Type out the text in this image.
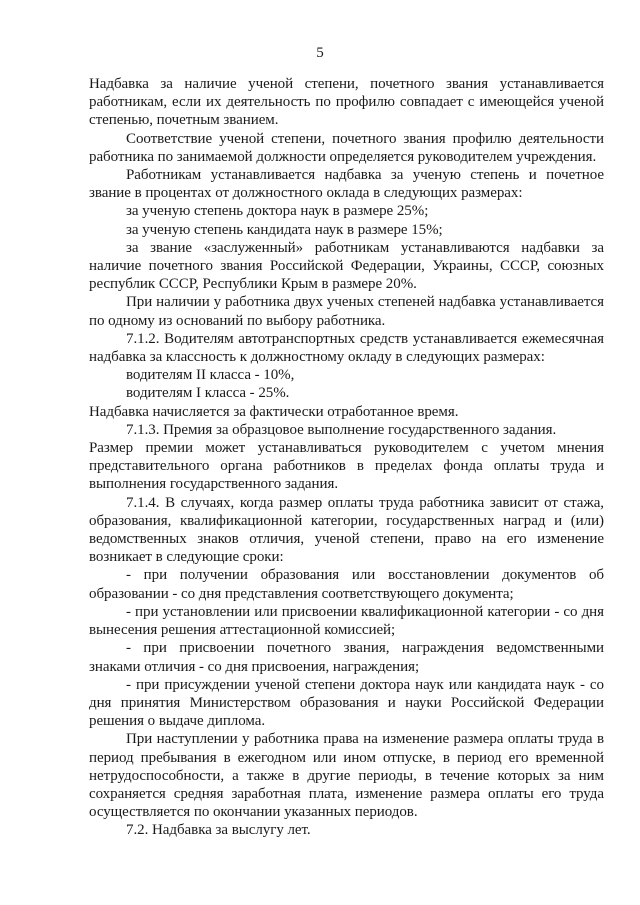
5

Надбавка за наличие ученой степени, почетного звания устанавливается работникам, если их деятельность по профилю совпадает с имеющейся ученой степенью, почетным званием.

Соответствие ученой степени, почетного звания профилю деятельности работника по занимаемой должности определяется руководителем учреждения.

Работникам устанавливается надбавка за ученую степень и почетное звание в процентах от должностного оклада в следующих размерах:

за ученую степень доктора наук в размере 25%;

за ученую степень кандидата наук в размере 15%;

за звание «заслуженный» работникам устанавливаются надбавки за наличие почетного звания Российской Федерации, Украины, СССР, союзных республик СССР, Республики Крым в размере 20%.

При наличии у работника двух ученых степеней надбавка устанавливается по одному из оснований по выбору работника.

7.1.2. Водителям автотранспортных средств устанавливается ежемесячная надбавка за классность к должностному окладу в следующих размерах:

водителям II класса - 10%,

водителям I класса - 25%.

Надбавка начисляется за фактически отработанное время.

7.1.3. Премия за образцовое выполнение государственного задания.

Размер премии может устанавливаться руководителем с учетом мнения представительного органа работников в пределах фонда оплаты труда и выполнения государственного задания.

7.1.4. В случаях, когда размер оплаты труда работника зависит от стажа, образования, квалификационной категории, государственных наград и (или) ведомственных знаков отличия, ученой степени, право на его изменение возникает в следующие сроки:

- при получении образования или восстановлении документов об образовании - со дня представления соответствующего документа;

- при установлении или присвоении квалификационной категории - со дня вынесения решения аттестационной комиссией;

- при присвоении почетного звания, награждения ведомственными знаками отличия - со дня присвоения, награждения;

- при присуждении ученой степени доктора наук или кандидата наук - со дня принятия Министерством образования и науки Российской Федерации решения о выдаче диплома.

При наступлении у работника права на изменение размера оплаты труда в период пребывания в ежегодном или ином отпуске, в период его временной нетрудоспособности, а также в другие периоды, в течение которых за ним сохраняется средняя заработная плата, изменение размера оплаты его труда осуществляется по окончании указанных периодов.

7.2. Надбавка за выслугу лет.
